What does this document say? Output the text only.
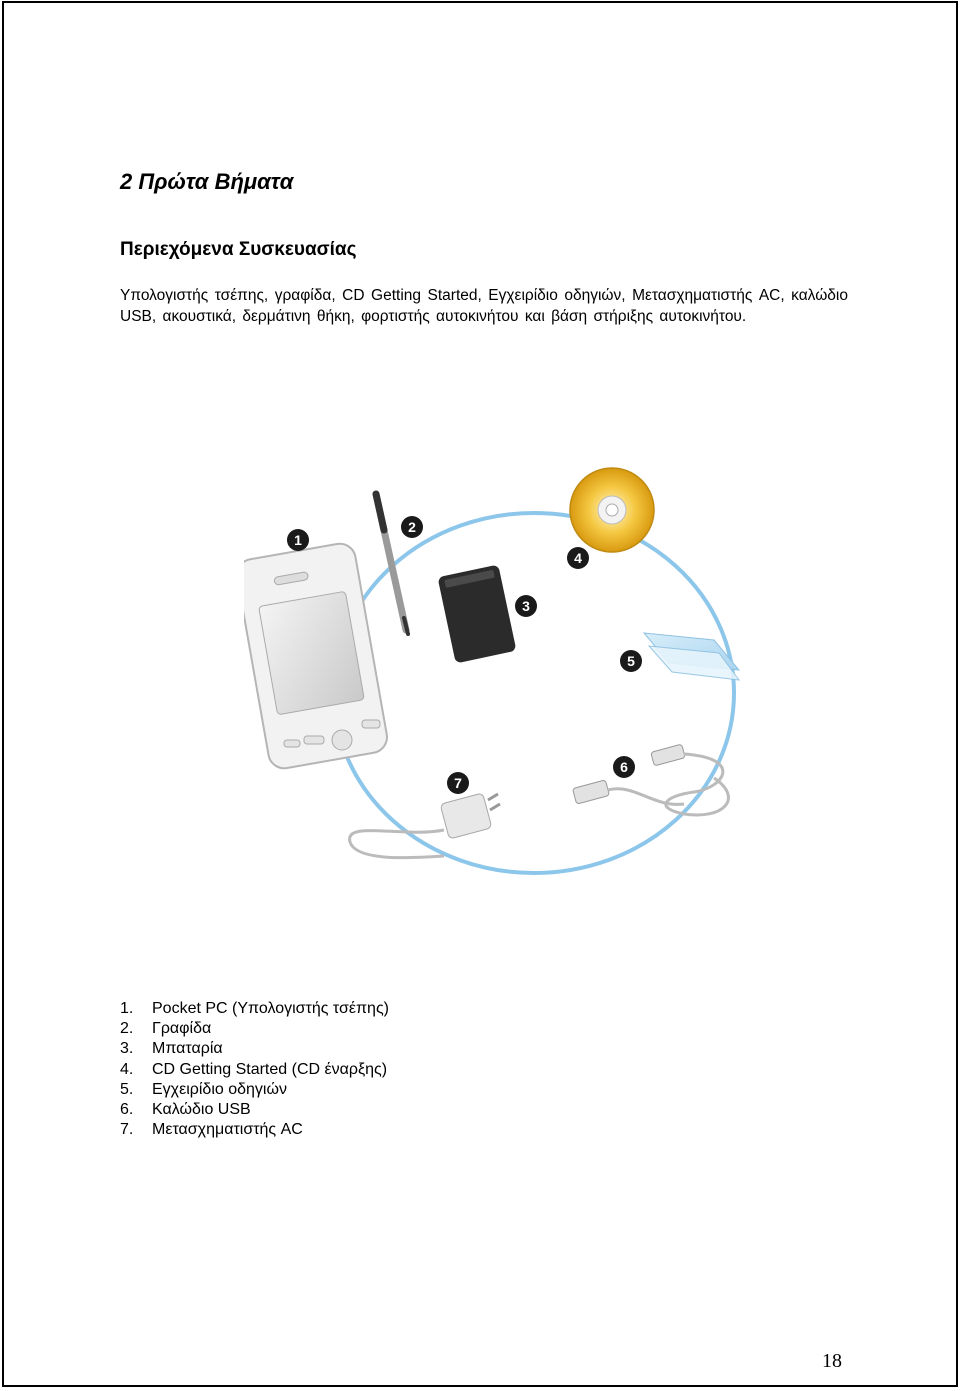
2 Πρώτα Βήματα
Περιεχόμενα Συσκευασίας
Υπολογιστής τσέπης, γραφίδα, CD Getting Started, Εγχειρίδιο οδηγιών, Μετασχηματιστής AC, καλώδιο USB, ακουστικά, δερμάτινη θήκη, φορτιστής αυτοκινήτου και βάση στήριξης αυτοκινήτου.
1
2
3
4
5
6
7
1.	Pocket PC (Υπολογιστής τσέπης)
2.	Γραφίδα
3.	Μπαταρία
4.	CD Getting Started (CD έναρξης)
5.	Εγχειρίδιο οδηγιών
6.	Καλώδιο USB
7.	Μετασχηματιστής AC
18
